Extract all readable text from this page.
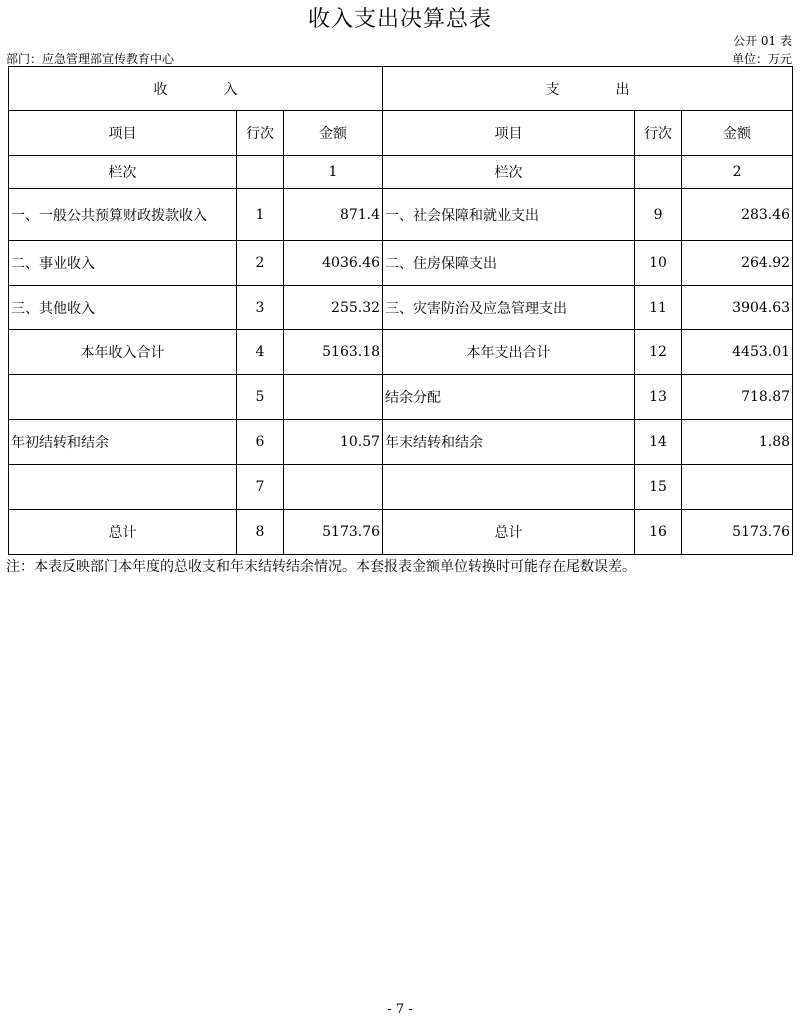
收入支出决算总表
公开 01 表
部门：应急管理部宣传教育中心	单位：万元
收　　　　入			支　　　　出		
项目	行次	金额	项目	行次	金额
栏次		1	栏次		2
一、一般公共预算财政拨款收入	1	871.4	一、社会保障和就业支出	9	283.46
二、事业收入	2	4036.46	二、住房保障支出	10	264.92
三、其他收入	3	255.32	三、灾害防治及应急管理支出	11	3904.63
本年收入合计	4	5163.18	本年支出合计	12	4453.01
	5		结余分配	13	718.87
年初结转和结余	6	10.57	年末结转和结余	14	1.88
	7			15	
总计	8	5173.76	总计	16	5173.76
注：本表反映部门本年度的总收支和年末结转结余情况。本套报表金额单位转换时可能存在尾数误差。
- 7 -
